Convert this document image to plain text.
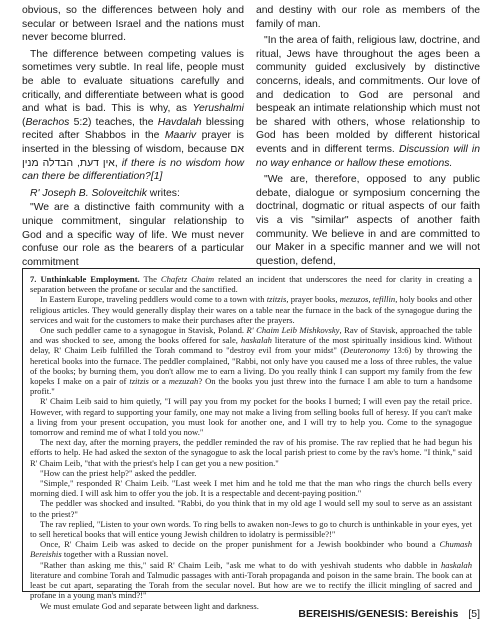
obvious, so the differences between holy and secular or between Israel and the nations must never become blurred.

The difference between competing values is sometimes very subtle. In real life, people must be able to evaluate situations carefully and critically, and differentiate between what is good and what is bad. This is why, as Yerushalmi (Berachos 5:2) teaches, the Havdalah blessing recited after Shabbos in the Maariv prayer is inserted in the blessing of wisdom, because אם אין דעת, הבדלה מנין, if there is no wisdom how can there be differentiation?[1]

R' Joseph B. Soloveitchik writes:

"We are a distinctive faith community with a unique commitment, singular relationship to God and a specific way of life. We must never confuse our role as the bearers of a particular commitment

and destiny with our role as members of the family of man.

"In the area of faith, religious law, doctrine, and ritual, Jews have throughout the ages been a community guided exclusively by distinctive concerns, ideals, and commitments. Our love of and dedication to God are personal and bespeak an intimate relationship which must not be shared with others, whose relationship to God has been molded by different historical events and in different terms. Discussion will in no way enhance or hallow these emotions.

"We are, therefore, opposed to any public debate, dialogue or symposium concerning the doctrinal, dogmatic or ritual aspects of our faith vis a vis "similar" aspects of another faith community. We believe in and are committed to our Maker in a specific manner and we will not question, defend,

7. Unthinkable Employment. The Chafetz Chaim related an incident that underscores the need for clarity in creating a separation between the profane or secular and the sanctified.

In Eastern Europe, traveling peddlers would come to a town with tzitzis, prayer books, mezuzos, tefillin, holy books and other religious articles. They would generally display their wares on a table near the furnace in the back of the synagogue during the services and wait for the customers to make their purchases after the prayers.

One such peddler came to a synagogue in Stavisk, Poland. R' Chaim Leib Mishkovsky, Rav of Stavisk, approached the table and was shocked to see, among the books offered for sale, haskalah literature of the most spiritually insidious kind. Without delay, R' Chaim Leib fulfilled the Torah command to "destroy evil from your midst" (Deuteronomy 13:6) by throwing the heretical books into the furnace. The peddler complained, "Rabbi, not only have you caused me a loss of three rubles, the value of the books; by burning them, you don't allow me to earn a living. Do you really think I can support my family from the few kopeks I make on a pair of tzitzis or a mezuzah? On the books you just threw into the furnace I am able to turn a handsome profit."

R' Chaim Leib said to him quietly, "I will pay you from my pocket for the books I burned; I will even pay the retail price. However, with regard to supporting your family, one may not make a living from selling books full of heresy. If you can't make a living from your present occupation, you must look for another one, and I will try to help you. Come to the synagogue tomorrow and remind me of what I told you now."

The next day, after the morning prayers, the peddler reminded the rav of his promise. The rav replied that he had begun his efforts to help. He had asked the sexton of the synagogue to ask the local parish priest to come by the rav's home. "I think," said R' Chaim Leib, "that with the priest's help I can get you a new position."

"How can the priest help?" asked the peddler.

"Simple," responded R' Chaim Leib. "Last week I met him and he told me that the man who rings the church bells every morning died. I will ask him to offer you the job. It is a respectable and decent-paying position."

The peddler was shocked and insulted. "Rabbi, do you think that in my old age I would sell my soul to serve as an assistant to the priest?"

The rav replied, "Listen to your own words. To ring bells to awaken non-Jews to go to church is unthinkable in your eyes, yet to sell heretical books that will entice young Jewish children to idolatry is permissible?!"

Once, R' Chaim Leib was asked to decide on the proper punishment for a Jewish bookbinder who bound a Chumash Bereishis together with a Russian novel.

"Rather than asking me this," said R' Chaim Leib, "ask me what to do with yeshivah students who dabble in haskalah literature and combine Torah and Talmudic passages with anti-Torah propaganda and poison in the same brain. The book can at least be cut apart, separating the Torah from the secular novel. But how are we to rectify the illicit mingling of sacred and profane in a young man's mind?!"

We must emulate God and separate between light and darkness.

BEREISHIS/GENESIS: Bereishis [5]
